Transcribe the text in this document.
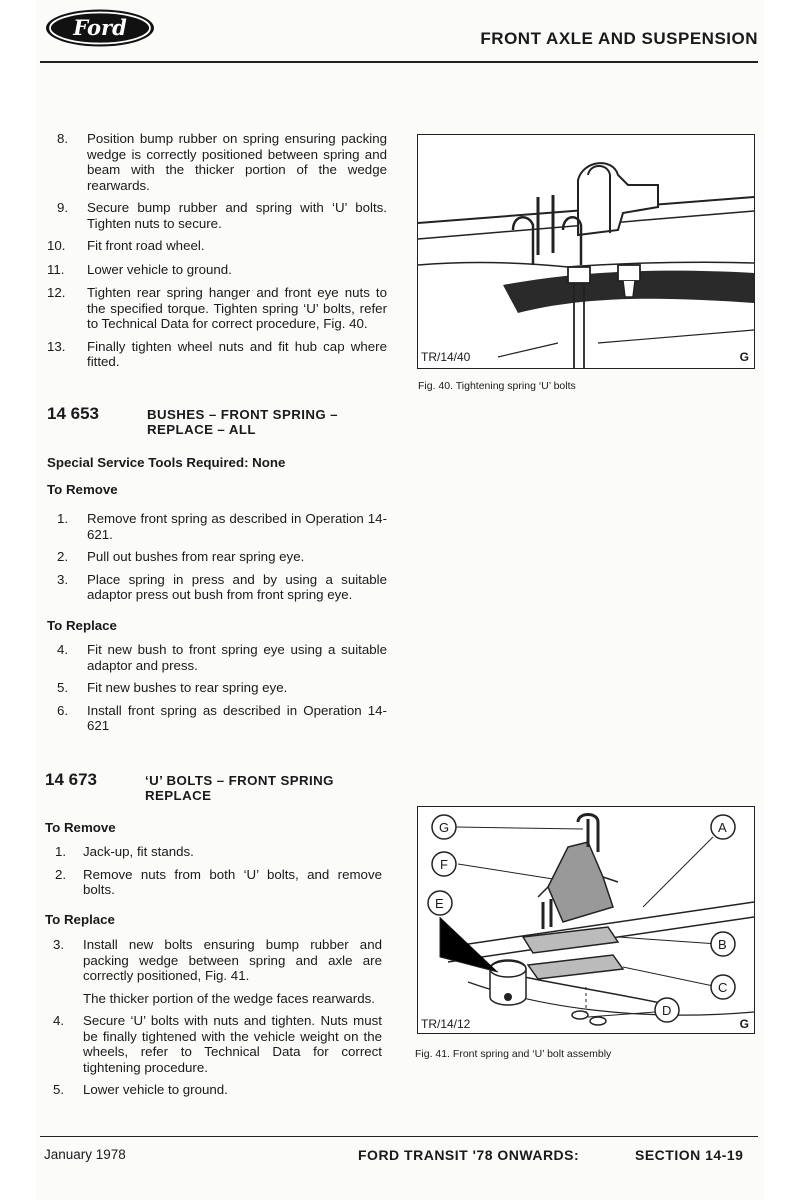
Ford	FRONT AXLE AND SUSPENSION
8.	Position bump rubber on spring ensuring packing wedge is correctly positioned between spring and beam with the thicker portion of the wedge rearwards.
9.	Secure bump rubber and spring with ‘U’ bolts. Tighten nuts to secure.
10.	Fit front road wheel.
11.	Lower vehicle to ground.
12.	Tighten rear spring hanger and front eye nuts to the specified torque. Tighten spring ‘U’ bolts, refer to Technical Data for correct procedure, Fig. 40.
13.	Finally tighten wheel nuts and fit hub cap where fitted.
14 653	BUSHES – FRONT SPRING –
REPLACE – ALL
Special Service Tools Required: None
To Remove
1.	Remove front spring as described in Operation 14-621.
2.	Pull out bushes from rear spring eye.
3.	Place spring in press and by using a suitable adaptor press out bush from front spring eye.
To Replace
4.	Fit new bush to front spring eye using a suitable adaptor and press.
5.	Fit new bushes to rear spring eye.
6.	Install front spring as described in Operation 14-621
14 673	‘U’ BOLTS – FRONT SPRING
REPLACE
To Remove
1.	Jack-up, fit stands.
2.	Remove nuts from both ‘U’ bolts, and remove bolts.
To Replace
3.	Install new bolts ensuring bump rubber and packing wedge between spring and axle are correctly positioned, Fig. 41.
The thicker portion of the wedge faces rearwards.
4.	Secure ‘U’ bolts with nuts and tighten. Nuts must be finally tightened with the vehicle weight on the wheels, refer to Technical Data for correct tightening procedure.
5.	Lower vehicle to ground.
TR/14/40	G
Fig. 40. Tightening spring ‘U’ bolts
G
F
E
A
B
C
D
TR/14/12	G
Fig. 41. Front spring and ‘U’ bolt assembly
January 1978	FORD TRANSIT '78 ONWARDS:	SECTION 14-19
